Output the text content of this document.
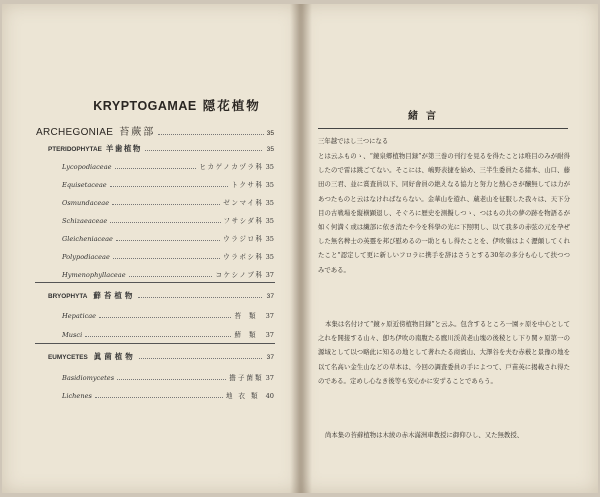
KRYPTOGAMAE 隠花植物
ARCHEGONIAE 苔蕨部	35
PTERIDOPHYTAE 羊歯植物	35
Lycopodiaceae	ヒカゲノカヅラ科 35
Equisetaceae	トクサ科 35
Osmundaceae	ゼンマイ科 35
Schizaeaceae	フサシダ科 35
Gleicheniaceae	ウラジロ科 35
Polypodiaceae	ウラボシ科 35
Hymenophyllaceae	コケシノブ科 37
BRYOPHYTA 蘚苔植物	37
Hepaticae	苔類 37
Musci	蘚類 37
EUMYCETES 眞菌植物	37
Basidiomycetes	擔子菌類 37
Lichenes	地衣類 40
緒言
三年越ではし三つになる
とは云ふものゝ、“鏡泉郷植物目録”が第三巻の刊行を見るを得たことは唯目のみが耐得したので雷は跳ごてない。そこには、嶋野表捷を始め、三半生委員たる緒本、山口、藤田の三君、並に賞査員以下、同好會員の絶えなる協力と努力と熱心さが醸無しては力があつたものと云はなければならない。金華山を遊れ、蔵老山を征服した我々は、天下分目の古戦場を縦横顕退し、そぐろに歴史を測擬しつゝ、つはもの共の夢の跡を物語るが如く何満く或は繊部に依き消たや今を科學の光に下照明し、以て我多の赤弦の元を孕ぜした無名稗士の英靈を邦び慰めるの一助ともし得たことを、伊吹嶺はよく瀝顛してくれたこと"認定して更に新しいフロラに携手を辞はさうとする30年の多分も心して扶つつみである。
本集は名付けて“鏡ヶ原近傍植物目録”と云ふ。包含するところ一園ヶ原を中心として之れを開接する山々、卽ち伊吹の南腹たる鷹川渓黄老山塊の後稜とし下り関ヶ原第一の源域として以つ略此に知るの地として著れたる商賓山、大澤谷を夫む赤薮と景豫の地を以て名高い金生山などの草本は、今回の調査委員の手によつて、戸苗英に揭載され得たのである。定めし心なき後等も安心かに安ずることであらう。
尚本集の苔蘚植物は木綾の赤木滿洲車教授に御仰ひし、又た無教授、
